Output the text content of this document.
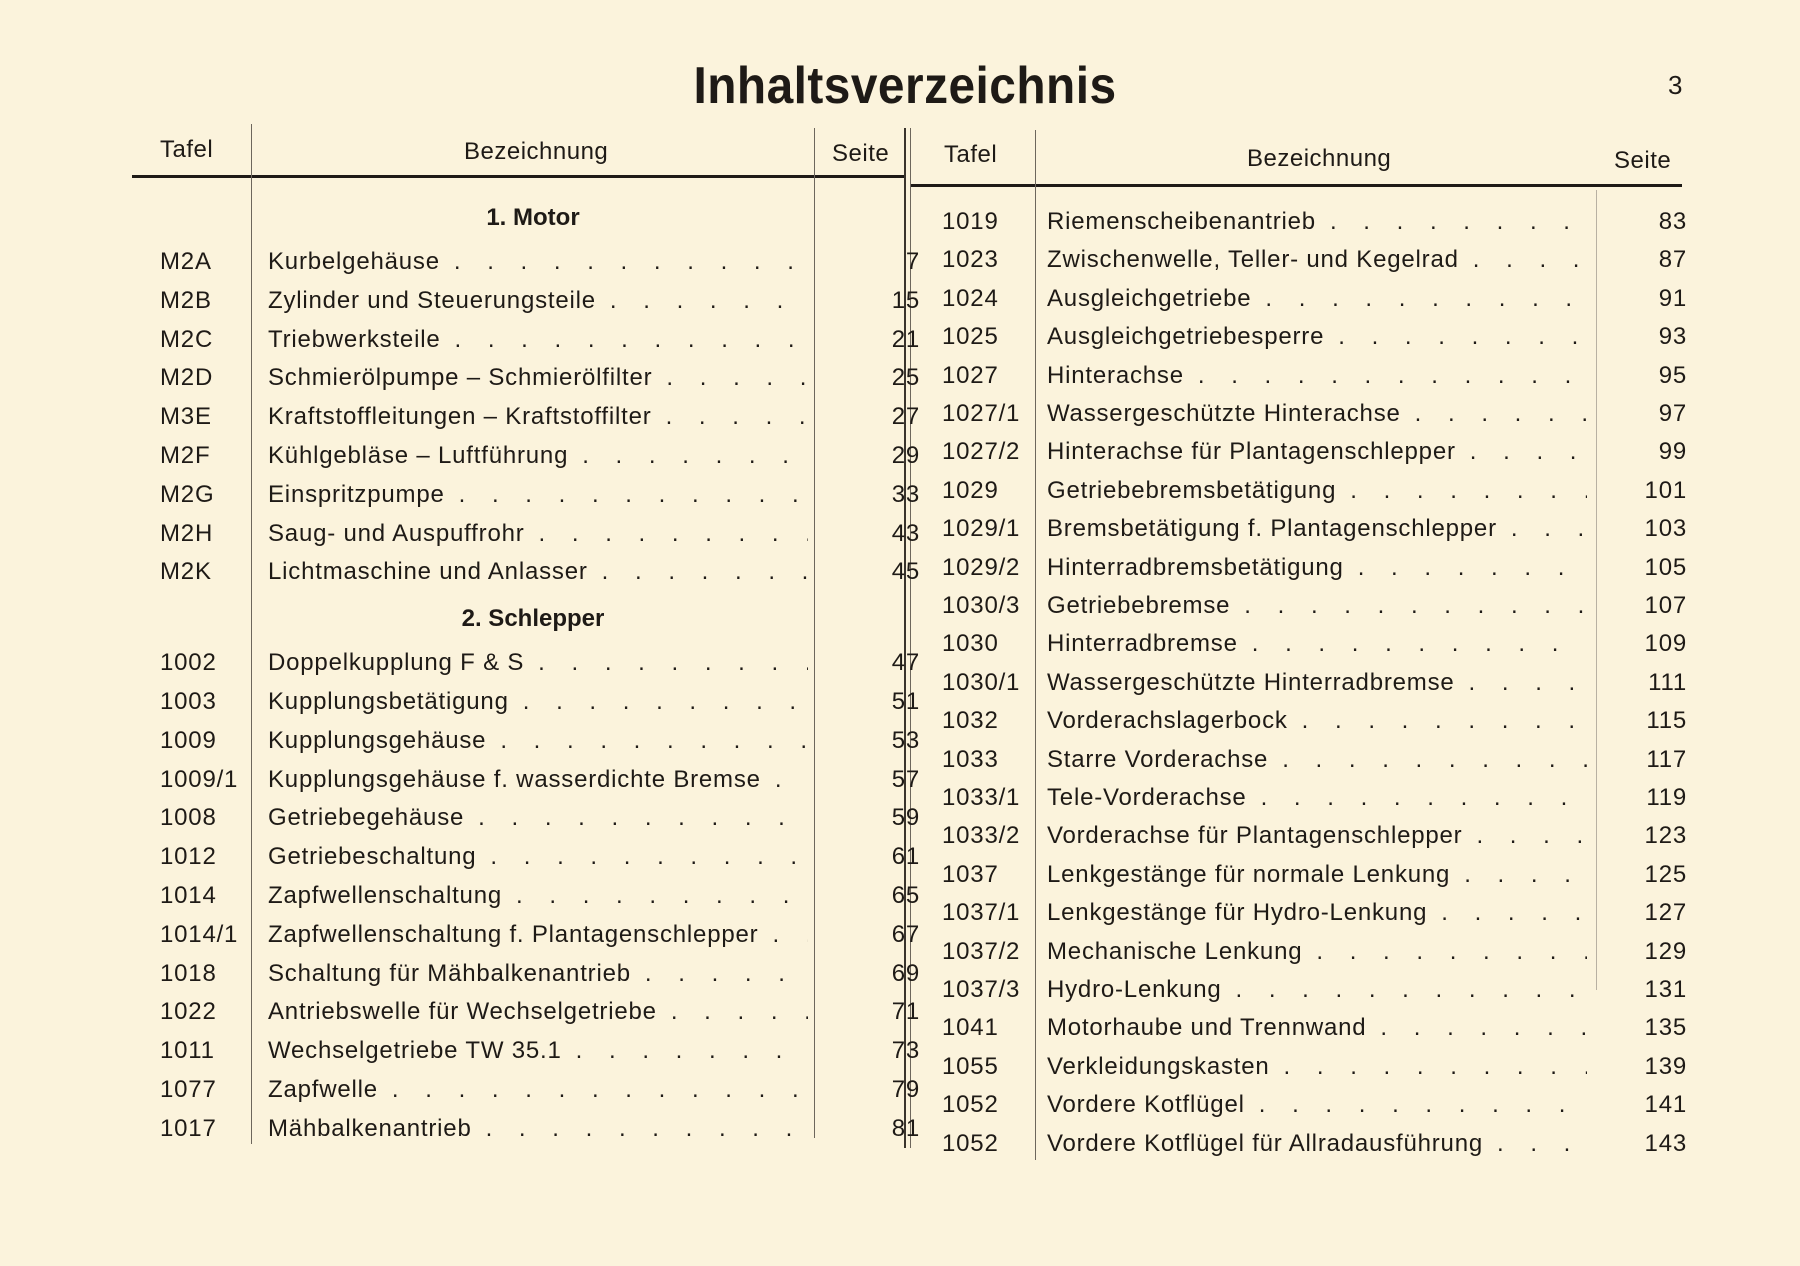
Inhaltsverzeichnis	3
Tafel	Bezeichnung	Seite Tafel	Bezeichnung	Seite
1. Motor
M2A	Kurbelgehäuse . . .	7
M2B	Zylinder und Steuerungsteile . . .	15
M2C	Triebwerksteile . . .	21
M2D	Schmierölpumpe – Schmierölfilter . . .	25
M3E	Kraftstoffleitungen – Kraftstoffilter . . .	27
M2F	Kühlgebläse – Luftführung . . .	29
M2G	Einspritzpumpe . . .	33
M2H	Saug- und Auspuffrohr . . .	43
M2K	Lichtmaschine und Anlasser . . .	45
2. Schlepper
1002	Doppelkupplung F & S . . .	47
1003	Kupplungsbetätigung . . .	51
1009	Kupplungsgehäuse . . .	53
1009/1	Kupplungsgehäuse f. wasserdichte Bremse . . .	57
1008	Getriebegehäuse . . .	59
1012	Getriebeschaltung . . .	61
1014	Zapfwellenschaltung . . .	65
1014/1	Zapfwellenschaltung f. Plantagenschlepper . . .	67
1018	Schaltung für Mähbalkenantrieb . . .	69
1022	Antriebswelle für Wechselgetriebe . . .	71
1011	Wechselgetriebe TW 35.1 . . .	73
1077	Zapfwelle . . .	79
1017	Mähbalkenantrieb . . .	81
1019	Riemenscheibenantrieb . . .	83
1023	Zwischenwelle, Teller- und Kegelrad . . .	87
1024	Ausgleichgetriebe . . .	91
1025	Ausgleichgetriebesperre . . .	93
1027	Hinterachse . . .	95
1027/1	Wassergeschützte Hinterachse . . .	97
1027/2	Hinterachse für Plantagenschlepper . . .	99
1029	Getriebebremsbetätigung . . .	101
1029/1	Bremsbetätigung f. Plantagenschlepper . . .	103
1029/2	Hinterradbremsbetätigung . . .	105
1030/3	Getriebebremse . . .	107
1030	Hinterradbremse . . .	109
1030/1	Wassergeschützte Hinterradbremse . . .	111
1032	Vorderachslagerbock . . .	115
1033	Starre Vorderachse . . .	117
1033/1	Tele-Vorderachse . . .	119
1033/2	Vorderachse für Plantagenschlepper . . .	123
1037	Lenkgestänge für normale Lenkung . . .	125
1037/1	Lenkgestänge für Hydro-Lenkung . . .	127
1037/2	Mechanische Lenkung . . .	129
1037/3	Hydro-Lenkung . . .	131
1041	Motorhaube und Trennwand . . .	135
1055	Verkleidungskasten . . .	139
1052	Vordere Kotflügel . . .	141
1052	Vordere Kotflügel für Allradausführung . . .	143
